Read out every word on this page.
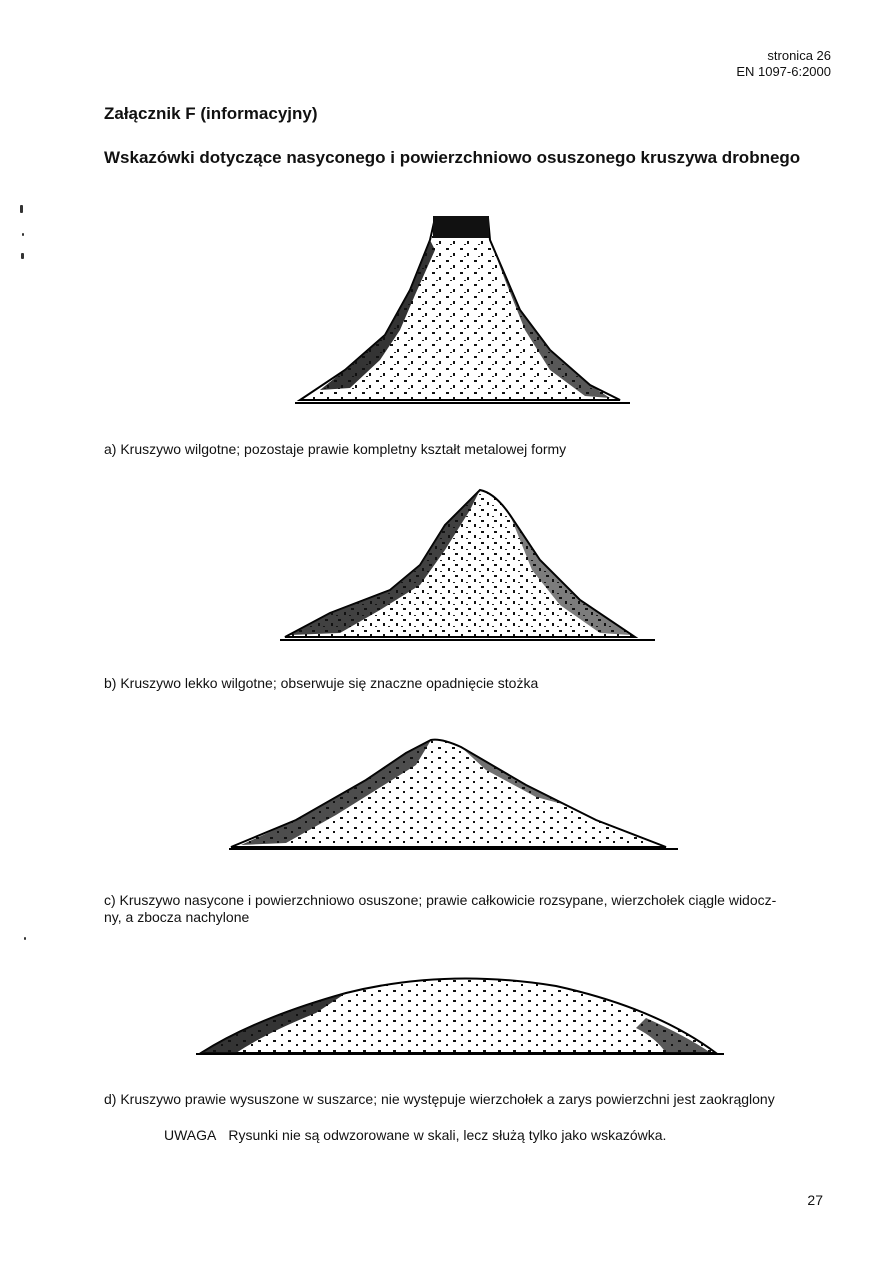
stronica 26
EN 1097-6:2000
Załącznik F (informacyjny)
Wskazówki dotyczące nasyconego i powierzchniowo osuszonego kruszywa drobnego
a) Kruszywo wilgotne; pozostaje prawie kompletny kształt metalowej formy
b) Kruszywo lekko wilgotne; obserwuje się znaczne opadnięcie stożka
c) Kruszywo nasycone i powierzchniowo osuszone; prawie całkowicie rozsypane, wierzchołek ciągle widocz-
ny, a zbocza nachylone
d) Kruszywo prawie wysuszone w suszarce; nie występuje wierzchołek a zarys powierzchni jest zaokrąglony
UWAGA Rysunki nie są odwzorowane w skali, lecz służą tylko jako wskazówka.
27
